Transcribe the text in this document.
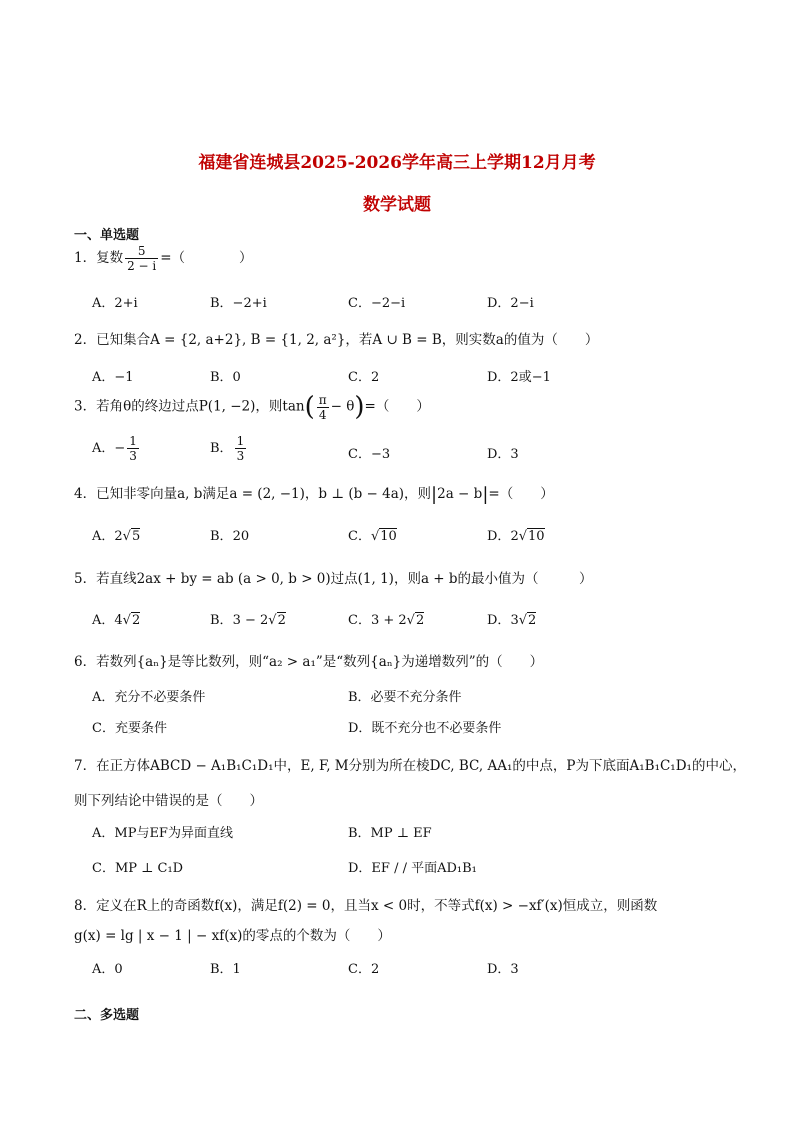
福建省连城县2025-2026学年高三上学期12月月考
数学试题
一、单选题
1．复数 $\frac{5}{2 - i}$ =（　　　　）
A．2+i	B．−2+i	C．−2−i	D．2−i
2．已知集合A = {2, a+2}, B = {1, 2, a²}，若A ∪ B = B，则实数a的值为（　　）
A．−1	B．0	C．2	D．2或−1
3．若角θ的终边过点P(1, −2)，则$\tan( \frac{\pi}{4} - \theta)=$（　　）
A．− $\frac{1}{3}$	B． $\frac{1}{3}$	C．−3	D．3
4．已知非零向量a, b满足a = (2, −1)，b ⊥ (b − 4a)，则|2a − b|=（　　）
A．2√5	B．20	C．√10	D．2√10
5．若直线2ax + by = ab (a > 0, b > 0)过点(1, 1)，则a + b的最小值为（　　　）
A．4√2	B．3 − 2√2	C．3 + 2√2	D．3√2
6．若数列{aₙ}是等比数列，则“a₂ > a₁”是“数列{aₙ}为递增数列”的（　　）
A．充分不必要条件	B．必要不充分条件
C．充要条件	D．既不充分也不必要条件
7．在正方体ABCD − A₁B₁C₁D₁中，E, F, M分别为所在棱DC, BC, AA₁的中点，P为下底面A₁B₁C₁D₁的中心，
则下列结论中错误的是（　　）
A．MP与EF为异面直线	B．MP ⊥ EF
C．MP ⊥ C₁D	D．EF / / 平面AD₁B₁
8．定义在R上的奇函数f(x)，满足f(2) = 0，且当x < 0时，不等式f(x) > −xf′(x)恒成立，则函数
g(x) = lg | x − 1 | − xf(x)的零点的个数为（　　）
A．0	B．1	C．2	D．3
二、多选题
